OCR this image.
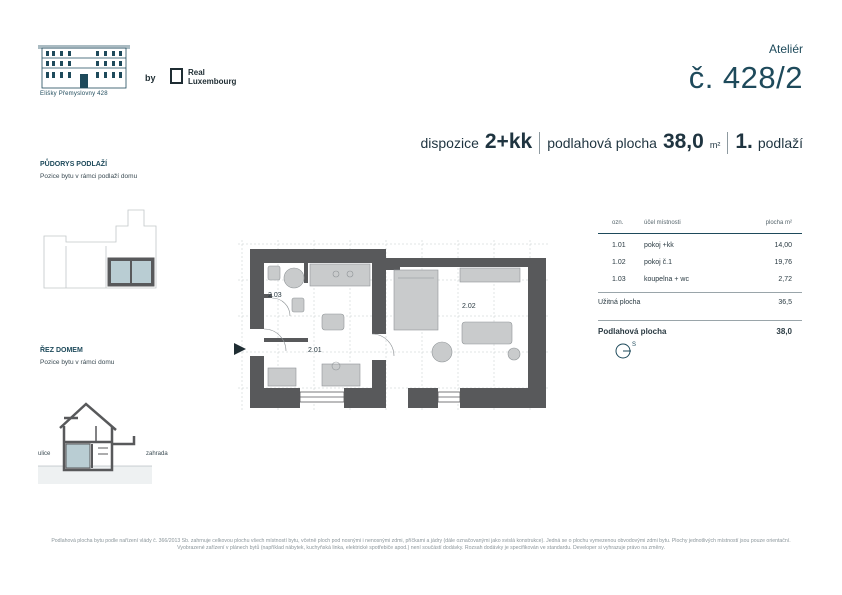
Elišky Přemyslovny 428
by
Real
Luxembourg
Ateliér
č. 428/2
dispozice 2+kk podlahová plocha 38,0 m² 1. podlaží
PŮDORYS PODLAŽÍ
Pozice bytu v rámci podlaží domu
ŘEZ DOMEM
Pozice bytu v rámci domu
ulice	zahrada
2.03
2.01
2.02
ozn.	účel místnosti	plocha m²
1.01	pokoj +kk	14,00
1.02	pokoj č.1	19,76
1.03	koupelna + wc	2,72
Užitná plocha	36,5
Podlahová plocha	38,0
S
Podlahová plocha bytu podle nařízení vlády č. 366/2013 Sb. zahrnuje celkovou plochu všech místností bytu, včetně ploch pod nosnými i nenosnými zdmi, příčkami a jádry (dále označovanými jako svislá konstrukce). Jedná se o plochu vymezenou obvodovými zdmi bytu. Plochy jednotlivých místností jsou pouze orientační. Vyobrazené zařízení v plánech bytů (například nábytek, kuchyňská linka, elektrické spotřebiče apod.) není součástí dodávky. Rozsah dodávky je specifikován ve standardu. Developer si vyhrazuje právo na změny.
